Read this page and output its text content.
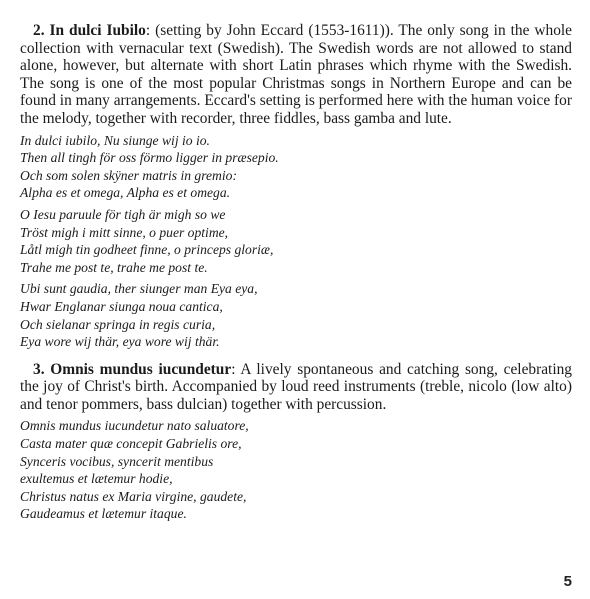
2. In dulci Iubilo: (setting by John Eccard (1553-1611)). The only song in the whole collection with vernacular text (Swedish). The Swedish words are not allowed to stand alone, however, but alternate with short Latin phrases which rhyme with the Swedish. The song is one of the most popular Christmas songs in Northern Europe and can be found in many arrangements. Eccard's setting is performed here with the human voice for the melody, together with recorder, three fiddles, bass gamba and lute.

In dulci iubilo, Nu siunge wij io io.
Then all tingh för oss förmo ligger in præsepio.
Och som solen skÿner matris in gremio:
Alpha es et omega, Alpha es et omega.
O Iesu paruule för tigh är migh so we
Tröst migh i mitt sinne, o puer optime,
Låtl migh tin godheet finne, o princeps gloriæ,
Trahe me post te, trahe me post te.
Ubi sunt gaudia, ther siunger man Eya eya,
Hwar Englanar siunga noua cantica,
Och sielanar springa in regis curia,
Eya wore wij thär, eya wore wij thär.

3. Omnis mundus iucundetur: A lively spontaneous and catching song, celebrating the joy of Christ's birth. Accompanied by loud reed instruments (treble, nicolo (low alto) and tenor pommers, bass dulcian) together with percussion.

Omnis mundus iucundetur nato saluatore,
Casta mater quæ concepit Gabrielis ore,
Synceris vocibus, syncerit mentibus
exultemus et lætemur hodie,
Christus natus ex Maria virgine, gaudete,
Gaudeamus et lætemur itaque.
5
